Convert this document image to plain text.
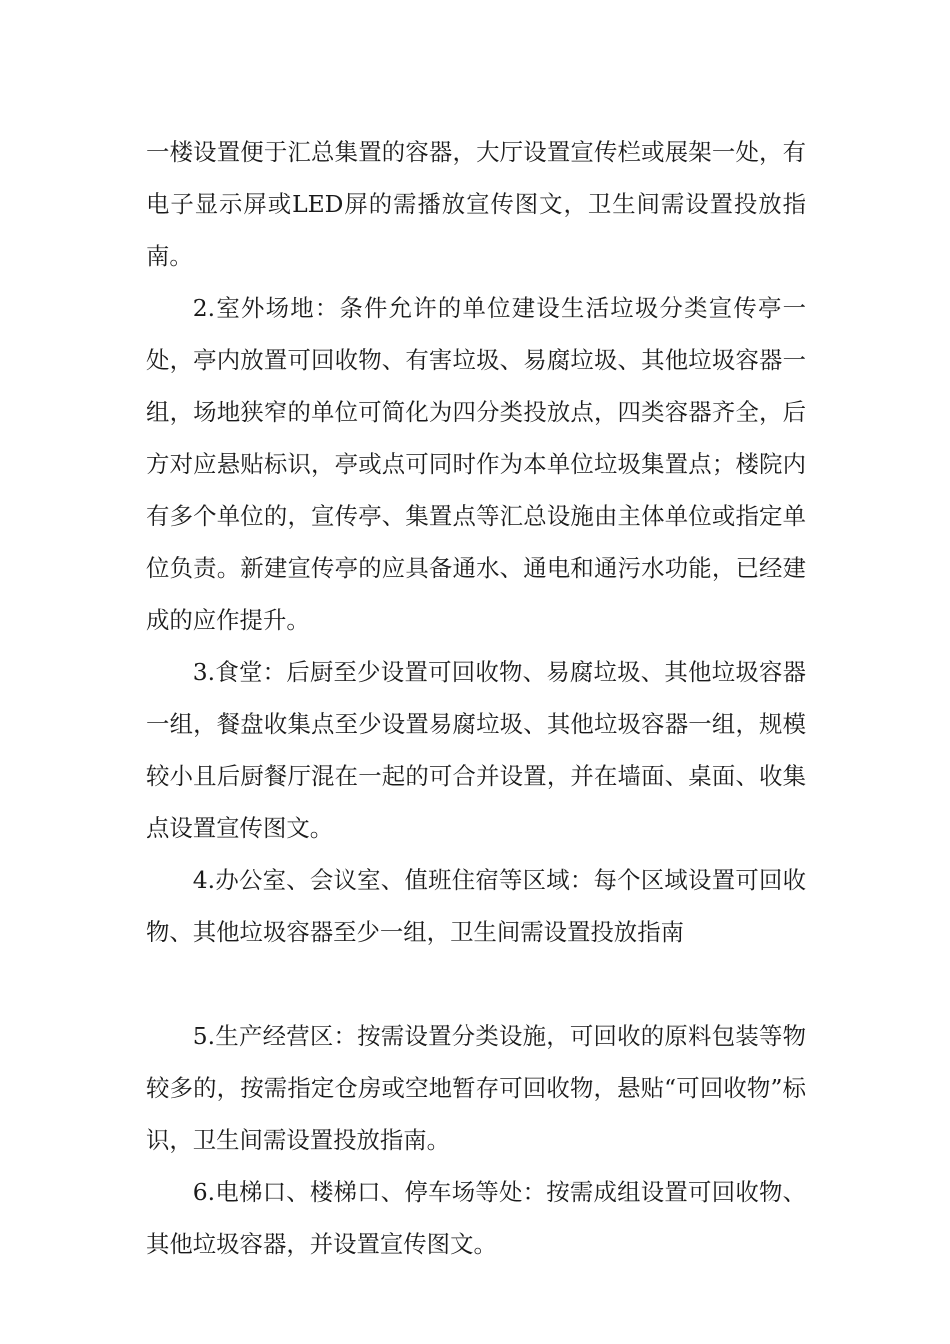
一楼设置便于汇总集置的容器，大厅设置宣传栏或展架一处，有电子显示屏或LED屏的需播放宣传图文，卫生间需设置投放指南。

2.室外场地：条件允许的单位建设生活垃圾分类宣传亭一处，亭内放置可回收物、有害垃圾、易腐垃圾、其他垃圾容器一组，场地狭窄的单位可简化为四分类投放点，四类容器齐全，后方对应悬贴标识，亭或点可同时作为本单位垃圾集置点；楼院内有多个单位的，宣传亭、集置点等汇总设施由主体单位或指定单位负责。新建宣传亭的应具备通水、通电和通污水功能，已经建成的应作提升。

3.食堂：后厨至少设置可回收物、易腐垃圾、其他垃圾容器一组，餐盘收集点至少设置易腐垃圾、其他垃圾容器一组，规模较小且后厨餐厅混在一起的可合并设置，并在墙面、桌面、收集点设置宣传图文。

4.办公室、会议室、值班住宿等区域：每个区域设置可回收物、其他垃圾容器至少一组，卫生间需设置投放指南

5.生产经营区：按需设置分类设施，可回收的原料包装等物较多的，按需指定仓房或空地暂存可回收物，悬贴“可回收物”标识，卫生间需设置投放指南。

6.电梯口、楼梯口、停车场等处：按需成组设置可回收物、其他垃圾容器，并设置宣传图文。
